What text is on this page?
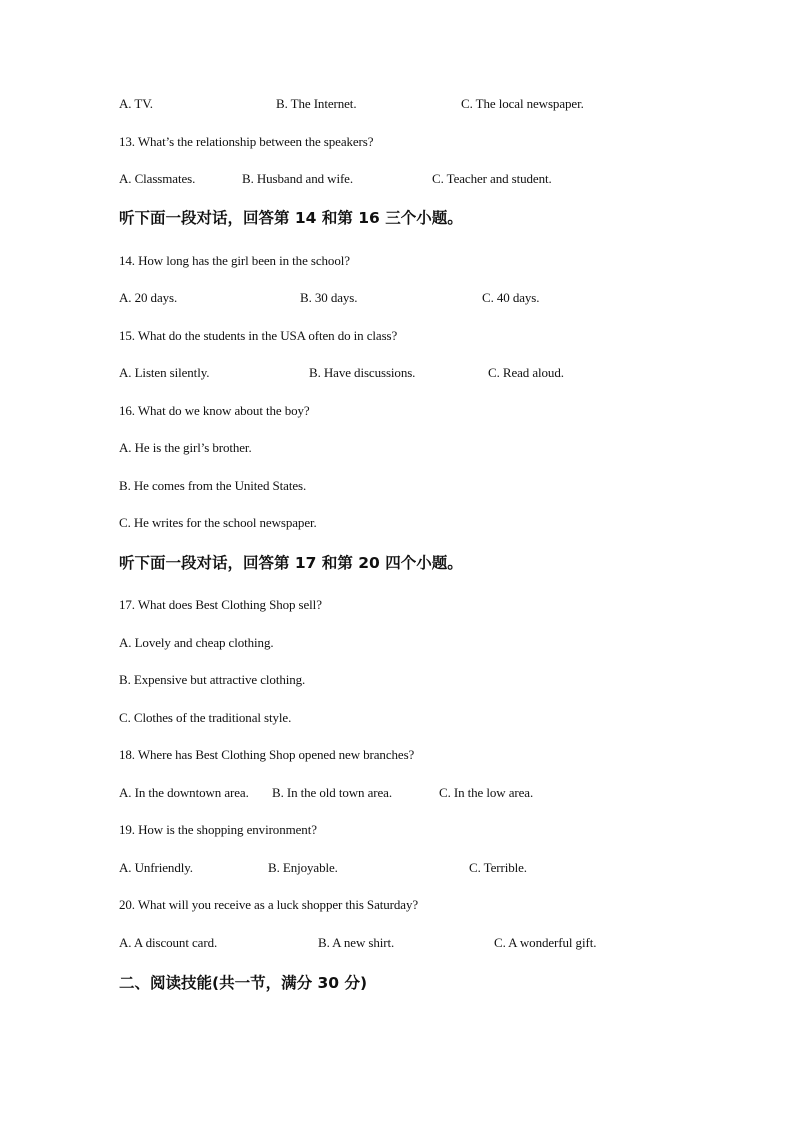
A. TV.	B. The Internet.	C. The local newspaper.
13. What’s the relationship between the speakers?
A. Classmates.	B. Husband and wife.	C. Teacher and student.
听下面一段对话，回答第 14 和第 16 三个小题。
14. How long has the girl been in the school?
A. 20 days.	B. 30 days.	C. 40 days.
15. What do the students in the USA often do in class?
A. Listen silently.	B. Have discussions.	C. Read aloud.
16. What do we know about the boy?
A. He is the girl’s brother.
B. He comes from the United States.
C. He writes for the school newspaper.
听下面一段对话，回答第 17 和第 20 四个小题。
17. What does Best Clothing Shop sell?
A. Lovely and cheap clothing.
B. Expensive but attractive clothing.
C. Clothes of the traditional style.
18. Where has Best Clothing Shop opened new branches?
A. In the downtown area. B. In the old town area.	C. In the low area.
19. How is the shopping environment?
A. Unfriendly.	B. Enjoyable.	C. Terrible.
20. What will you receive as a luck shopper this Saturday?
A. A discount card.	B. A new shirt.	C. A wonderful gift.
二、阅读技能(共一节，满分 30 分)
